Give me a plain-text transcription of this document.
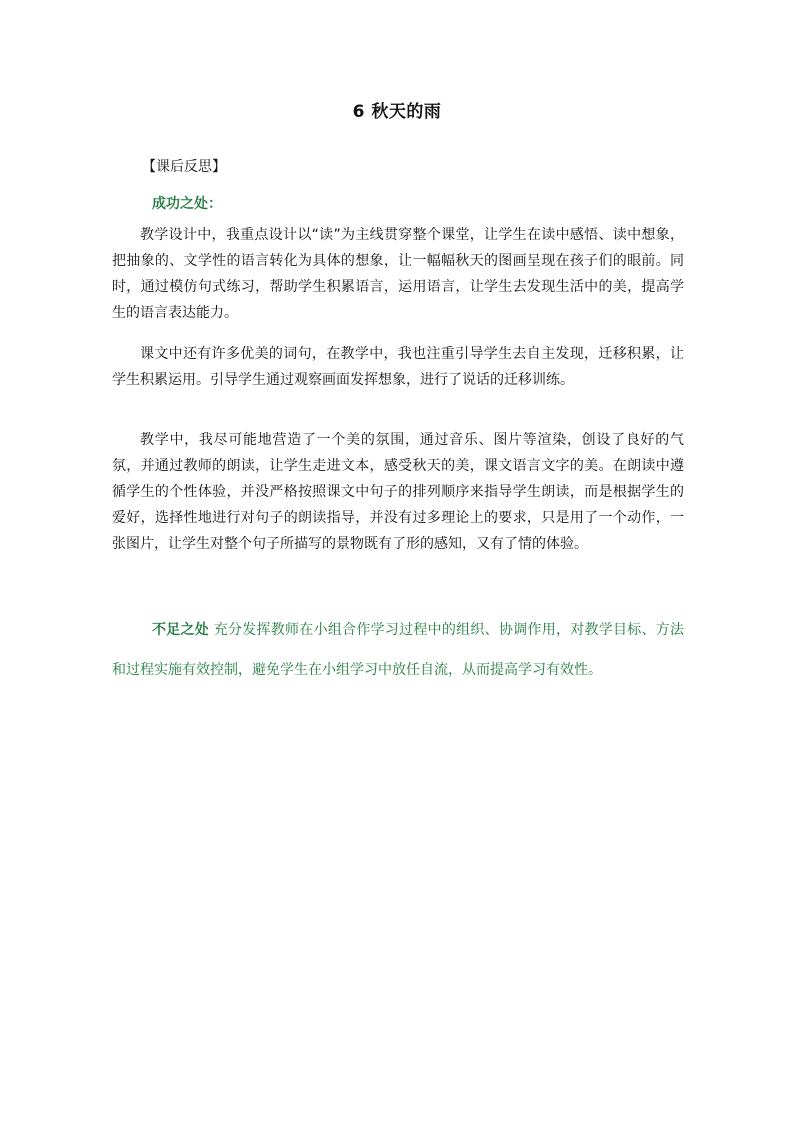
6 秋天的雨
【课后反思】
成功之处：

教学设计中，我重点设计以“读”为主线贯穿整个课堂，让学生在读中感悟、读中想象，把抽象的、文学性的语言转化为具体的想象，让一幅幅秋天的图画呈现在孩子们的眼前。同时，通过模仿句式练习，帮助学生积累语言，运用语言，让学生去发现生活中的美，提高学生的语言表达能力。

课文中还有许多优美的词句，在教学中，我也注重引导学生去自主发现，迁移积累，让学生积累运用。引导学生通过观察画面发挥想象，进行了说话的迁移训练。

教学中，我尽可能地营造了一个美的氛围，通过音乐、图片等渲染，创设了良好的气氛，并通过教师的朗读，让学生走进文本，感受秋天的美，课文语言文字的美。在朗读中遵循学生的个性体验，并没严格按照课文中句子的排列顺序来指导学生朗读，而是根据学生的爱好，选择性地进行对句子的朗读指导，并没有过多理论上的要求，只是用了一个动作，一张图片，让学生对整个句子所描写的景物既有了形的感知，又有了情的体验。

不足之处 充分发挥教师在小组合作学习过程中的组织、协调作用，对教学目标、方法和过程实施有效控制，避免学生在小组学习中放任自流，从而提高学习有效性。
